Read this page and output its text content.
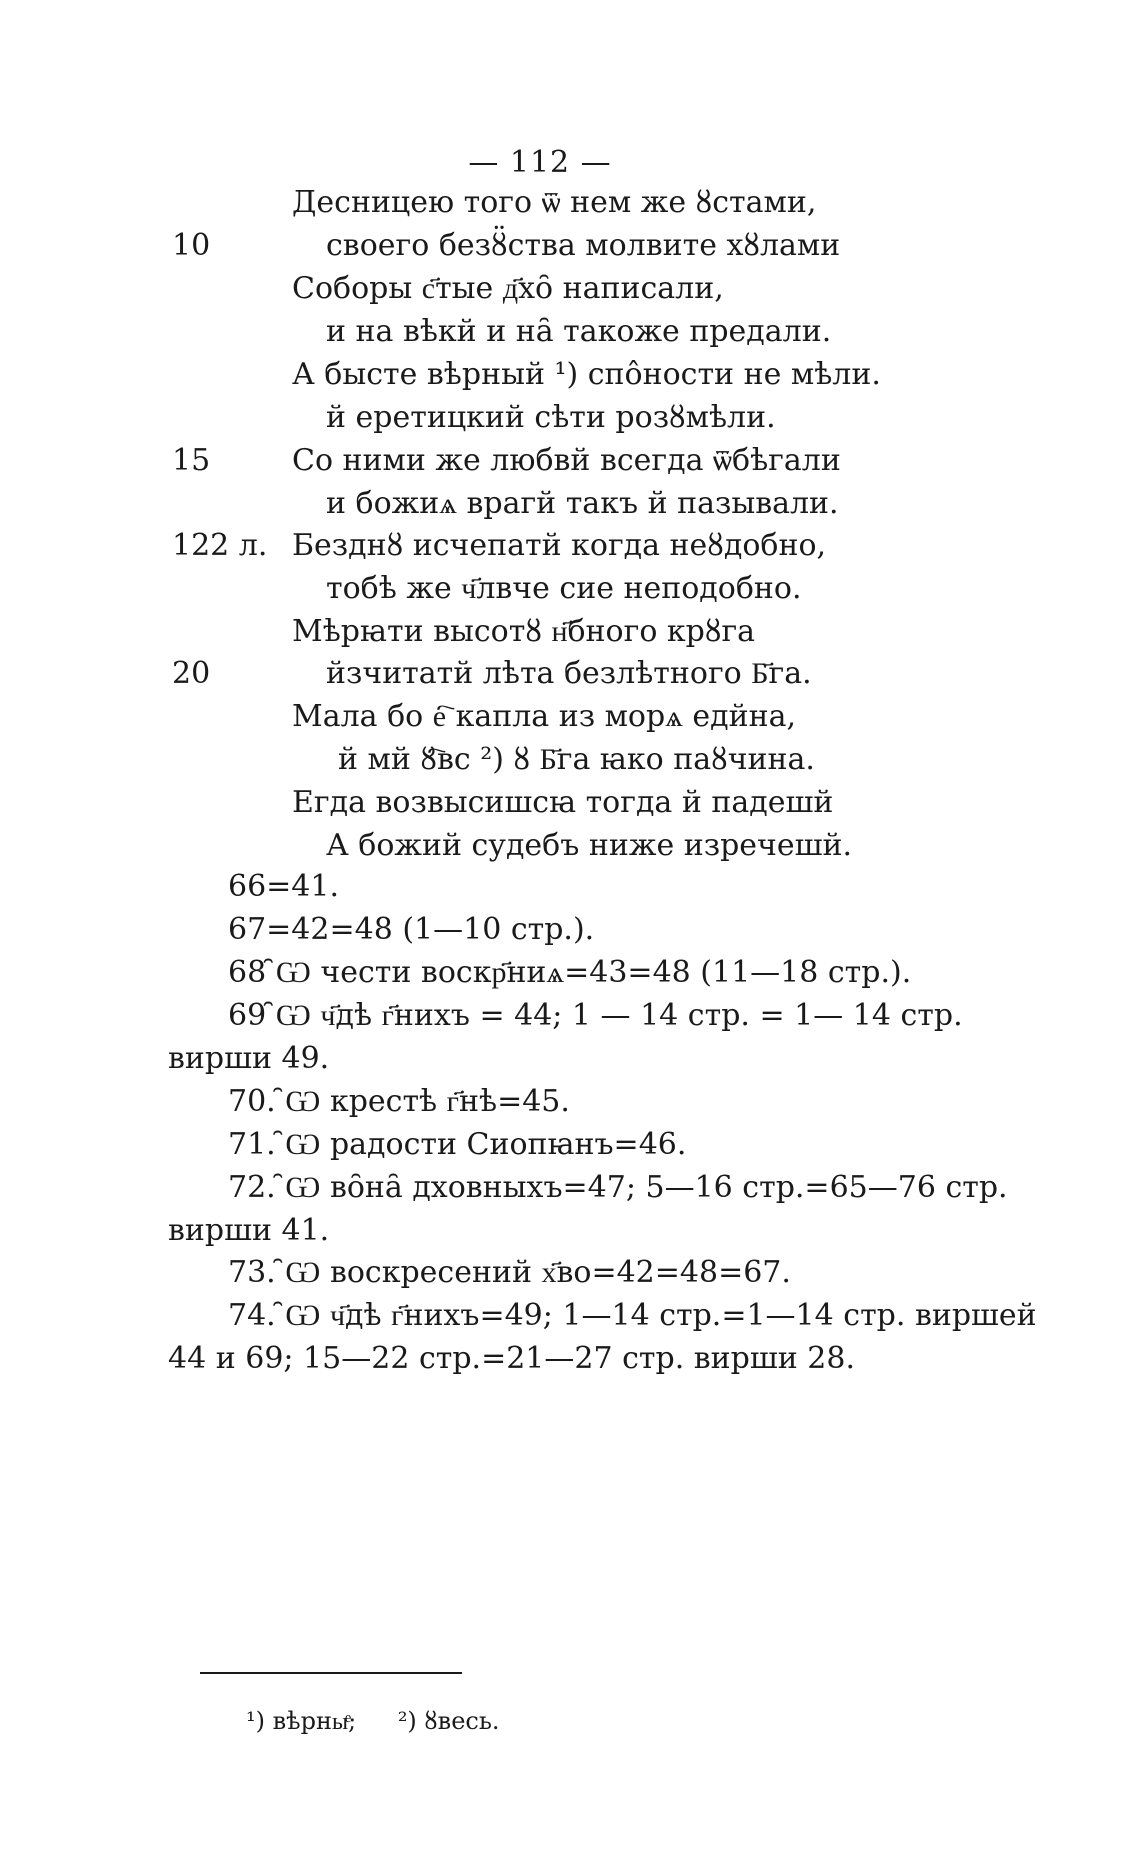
— 112 —
10
15
122 л.
20
Десницею того ѿ нем же ȣстами,
своего безȣ̈ства молвите хȣлами
Соборы с҃тые д҃хо̑ написали,
и на вѣкй и на̑ такоже предали.
А бысте вѣрный ¹) спо̂ности не мѣли.
й еретицкий сѣти розȣмѣли.
Со ними же любвй всегда ѿбѣгали
и божиѧ врагй такъ й пазывали.
Безднȣ исчепатй когда неȣдобно,
тобѣ же ч҃лвче сие неподобно.
Мѣрꙗти высотȣ н҃бного крȣга
йзчитатй лѣта безлѣтного Б҃га.
Мала бо е҇ капла из морѧ едйна,
й мй ȣ҇вс ²) ȣ Б҃га ꙗко паȣчина.
Егда возвысишсꙗ тогда й падешй
А божий судебъ ниже изречешй.
66=41.
67=42=48 (1—10 стр.).
68 ̑Ѡ чести воскр҃ниѧ=43=48 (11—18 стр.).
69 ̑Ѡ ч҃дѣ г҃нихъ = 44; 1 — 14 стр. = 1— 14 стр.
вирши 49.
70. ̑Ѡ крестѣ г҃нѣ=45.
71. ̑Ѡ радости Сиопꙗнъ=46.
72. ̑Ѡ во̑на̑ дховныхъ=47; 5—16 стр.=65—76 стр.
вирши 41.
73. ̑Ѡ воскресений х҃во=42=48=67.
74. ̑Ѡ ч҃дѣ г҃нихъ=49; 1—14 стр.=1—14 стр. виршей
44 и 69; 15—22 стр.=21—27 стр. вирши 28.
¹) вѣрныͤ; ²) ȣвесь.
